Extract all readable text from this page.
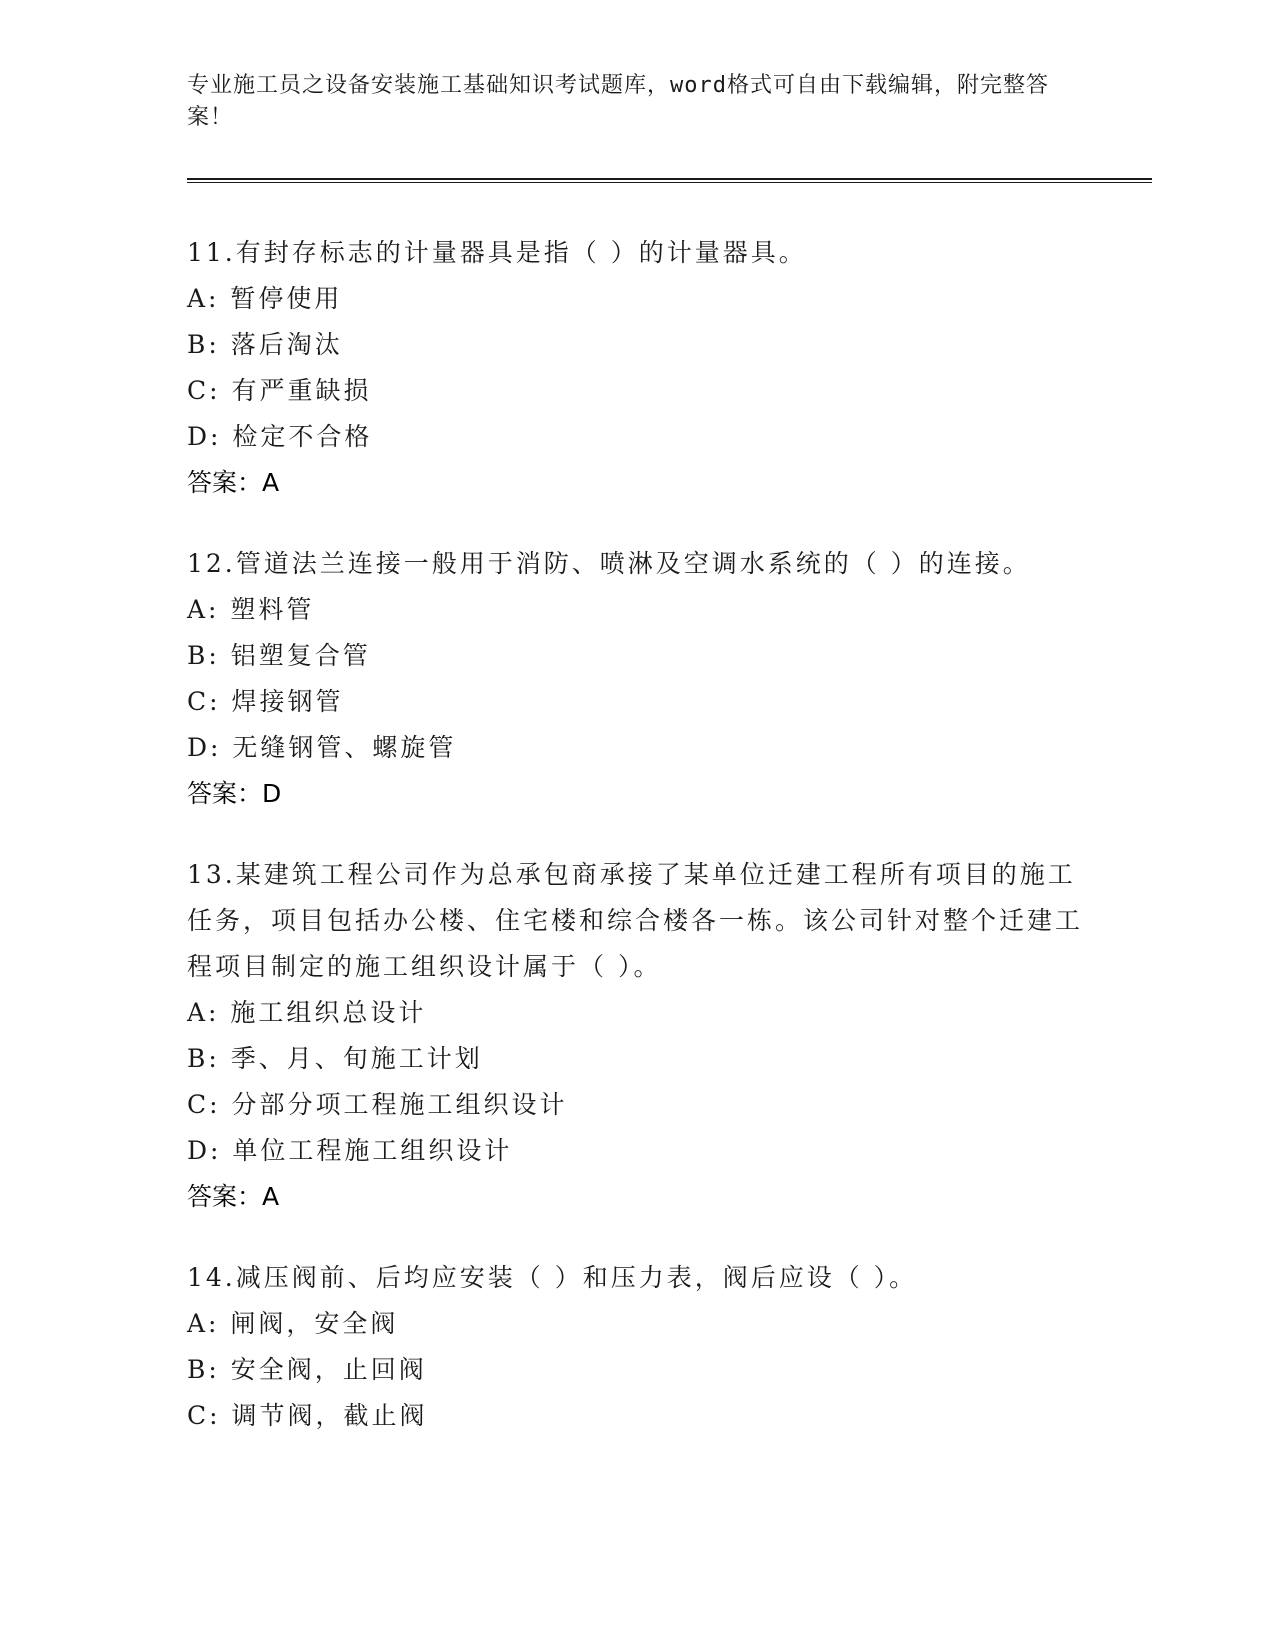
专业施工员之设备安装施工基础知识考试题库，word格式可自由下载编辑，附完整答案！

11.有封存标志的计量器具是指（ ）的计量器具。

A: 暂停使用
B: 落后淘汰
C: 有严重缺损
D: 检定不合格
答案：A

12.管道法兰连接一般用于消防、喷淋及空调水系统的（ ）的连接。

A: 塑料管
B: 铝塑复合管
C: 焊接钢管
D: 无缝钢管、螺旋管
答案：D

13.某建筑工程公司作为总承包商承接了某单位迁建工程所有项目的施工任务，项目包括办公楼、住宅楼和综合楼各一栋。该公司针对整个迁建工程项目制定的施工组织设计属于（ ）。

A: 施工组织总设计
B: 季、月、旬施工计划
C: 分部分项工程施工组织设计
D: 单位工程施工组织设计
答案：A

14.减压阀前、后均应安装（ ）和压力表，阀后应设（ ）。

A: 闸阀，安全阀
B: 安全阀，止回阀
C: 调节阀，截止阀
